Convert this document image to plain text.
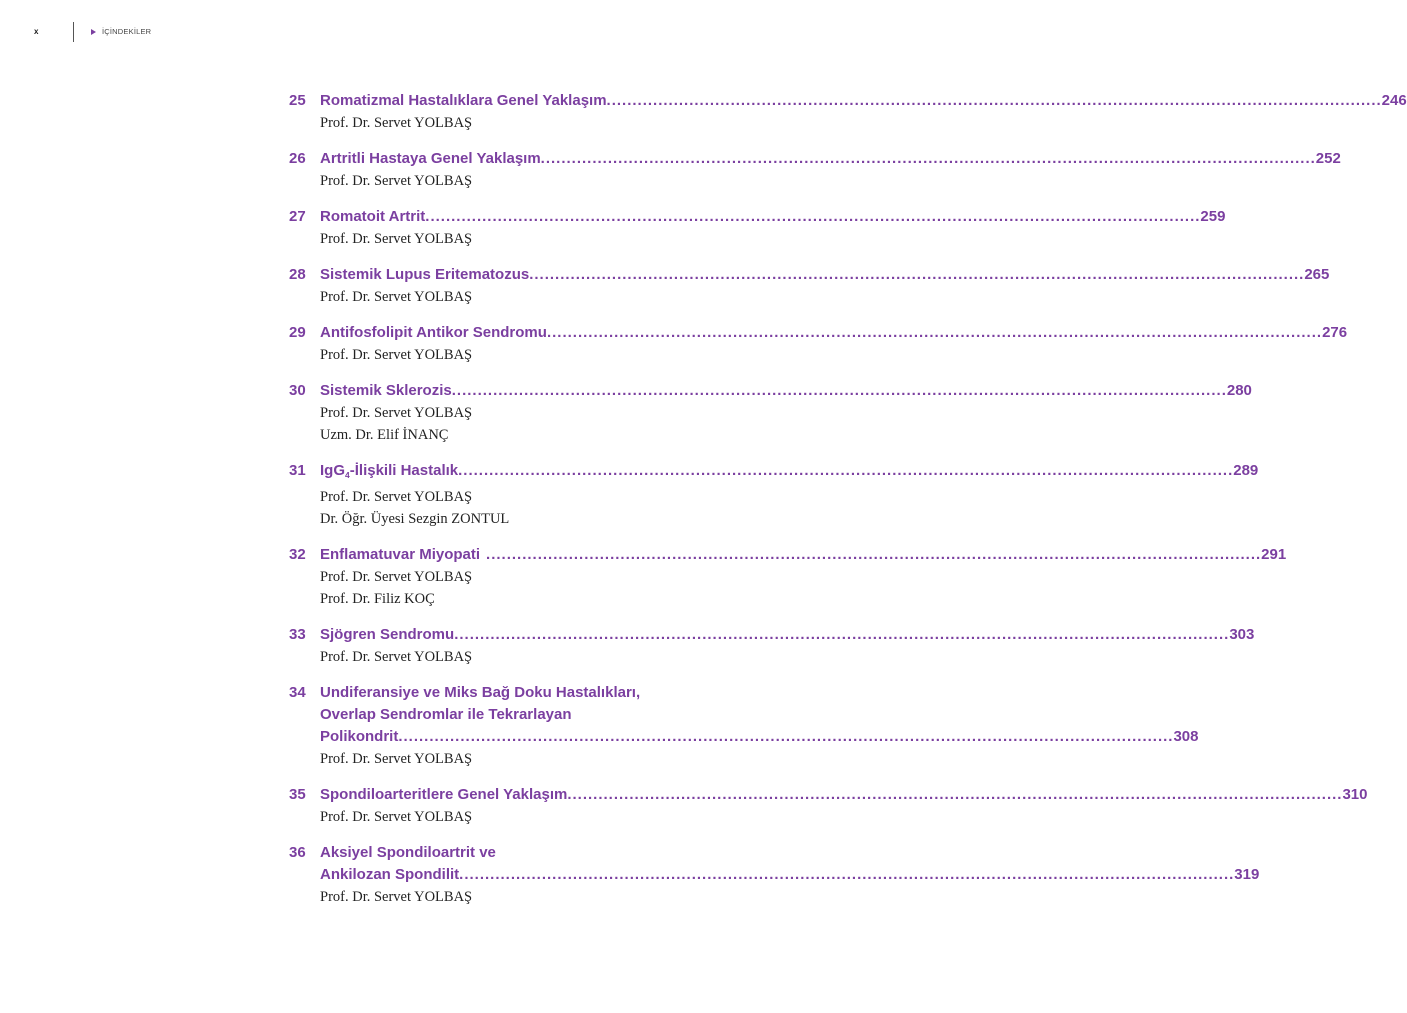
x	İÇİNDEKİLER
25 Romatizmal Hastalıklara Genel Yaklaşım .....	246
Prof. Dr. Servet YOLBAŞ
26 Artritli Hastaya Genel Yaklaşım .....	252
Prof. Dr. Servet YOLBAŞ
27 Romatoit Artrit .....	259
Prof. Dr. Servet YOLBAŞ
28 Sistemik Lupus Eritematozus .....	265
Prof. Dr. Servet YOLBAŞ
29 Antifosfolipit Antikor Sendromu .....	276
Prof. Dr. Servet YOLBAŞ
30 Sistemik Sklerozis .....	280
Prof. Dr. Servet YOLBAŞ
Uzm. Dr. Elif İNANÇ
31 IgG$_4$-İlişkili Hastalık .....	289
Prof. Dr. Servet YOLBAŞ
Dr. Öğr. Üyesi Sezgin ZONTUL
32 Enflamatuvar Miyopati .....	291
Prof. Dr. Servet YOLBAŞ
Prof. Dr. Filiz KOÇ
33 Sjögren Sendromu .....	303
Prof. Dr. Servet YOLBAŞ
34 Undiferansiye ve Miks Bağ Doku Hastalıkları,
Overlap Sendromlar ile Tekrarlayan
Polikondrit .....	308
Prof. Dr. Servet YOLBAŞ
35 Spondiloarteritlere Genel Yaklaşım .....	310
Prof. Dr. Servet YOLBAŞ
36 Aksiyel Spondiloartrit ve
Ankilozan Spondilit .....	319
Prof. Dr. Servet YOLBAŞ
